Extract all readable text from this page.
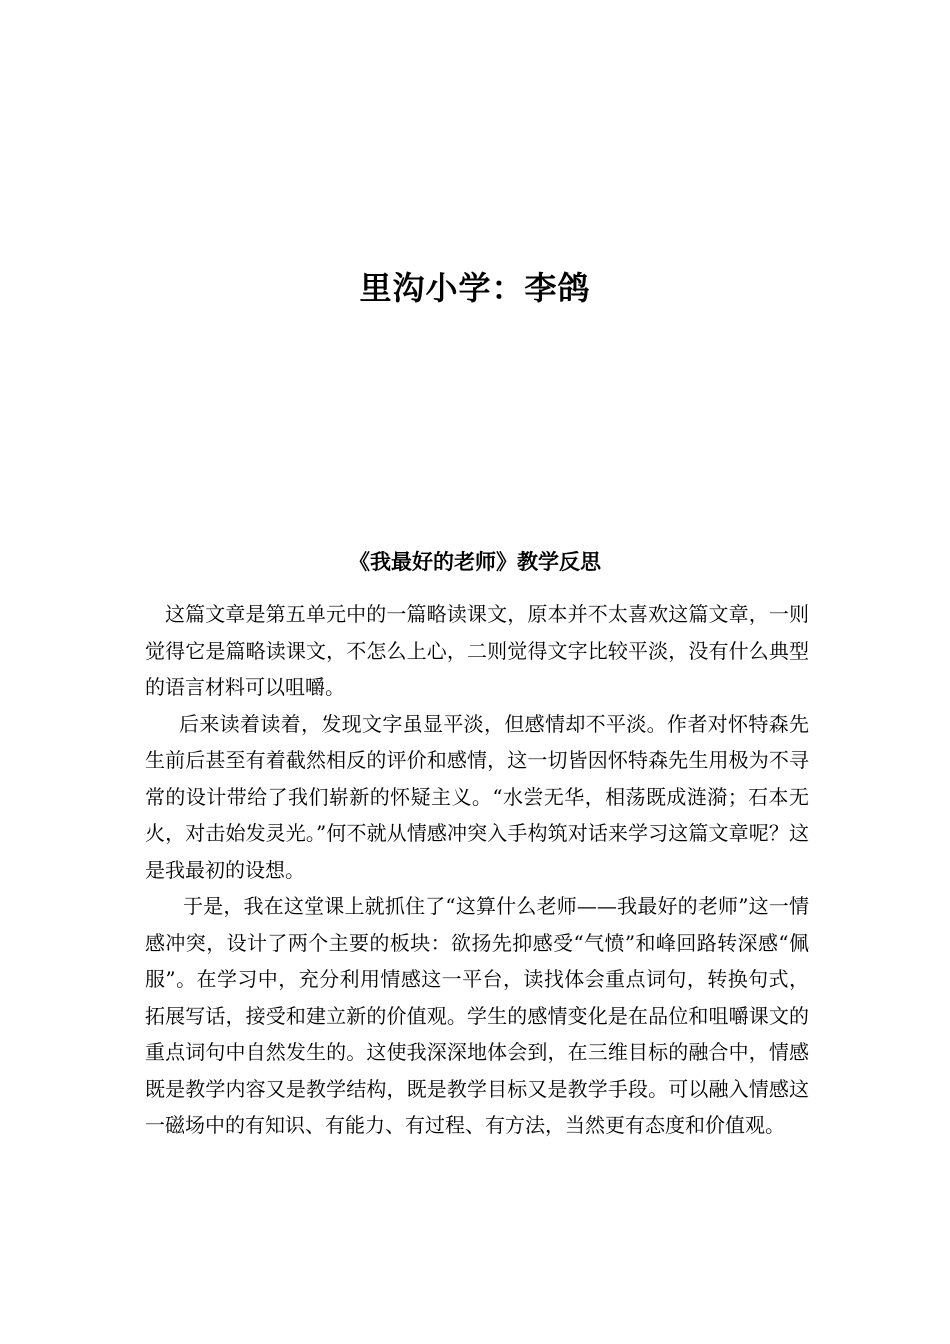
里沟小学：李鸽
《我最好的老师》教学反思

这篇文章是第五单元中的一篇略读课文，原本并不太喜欢这篇文章，一则觉得它是篇略读课文，不怎么上心，二则觉得文字比较平淡，没有什么典型的语言材料可以咀嚼。

后来读着读着，发现文字虽显平淡，但感情却不平淡。作者对怀特森先生前后甚至有着截然相反的评价和感情，这一切皆因怀特森先生用极为不寻常的设计带给了我们崭新的怀疑主义。“水尝无华，相荡既成涟漪；石本无火，对击始发灵光。”何不就从情感冲突入手构筑对话来学习这篇文章呢？这是我最初的设想。

于是，我在这堂课上就抓住了“这算什么老师——我最好的老师”这一情感冲突，设计了两个主要的板块：欲扬先抑感受“气愤”和峰回路转深感“佩服”。在学习中，充分利用情感这一平台，读找体会重点词句，转换句式，拓展写话，接受和建立新的价值观。学生的感情变化是在品位和咀嚼课文的重点词句中自然发生的。这使我深深地体会到，在三维目标的融合中，情感既是教学内容又是教学结构，既是教学目标又是教学手段。可以融入情感这一磁场中的有知识、有能力、有过程、有方法，当然更有态度和价值观。
